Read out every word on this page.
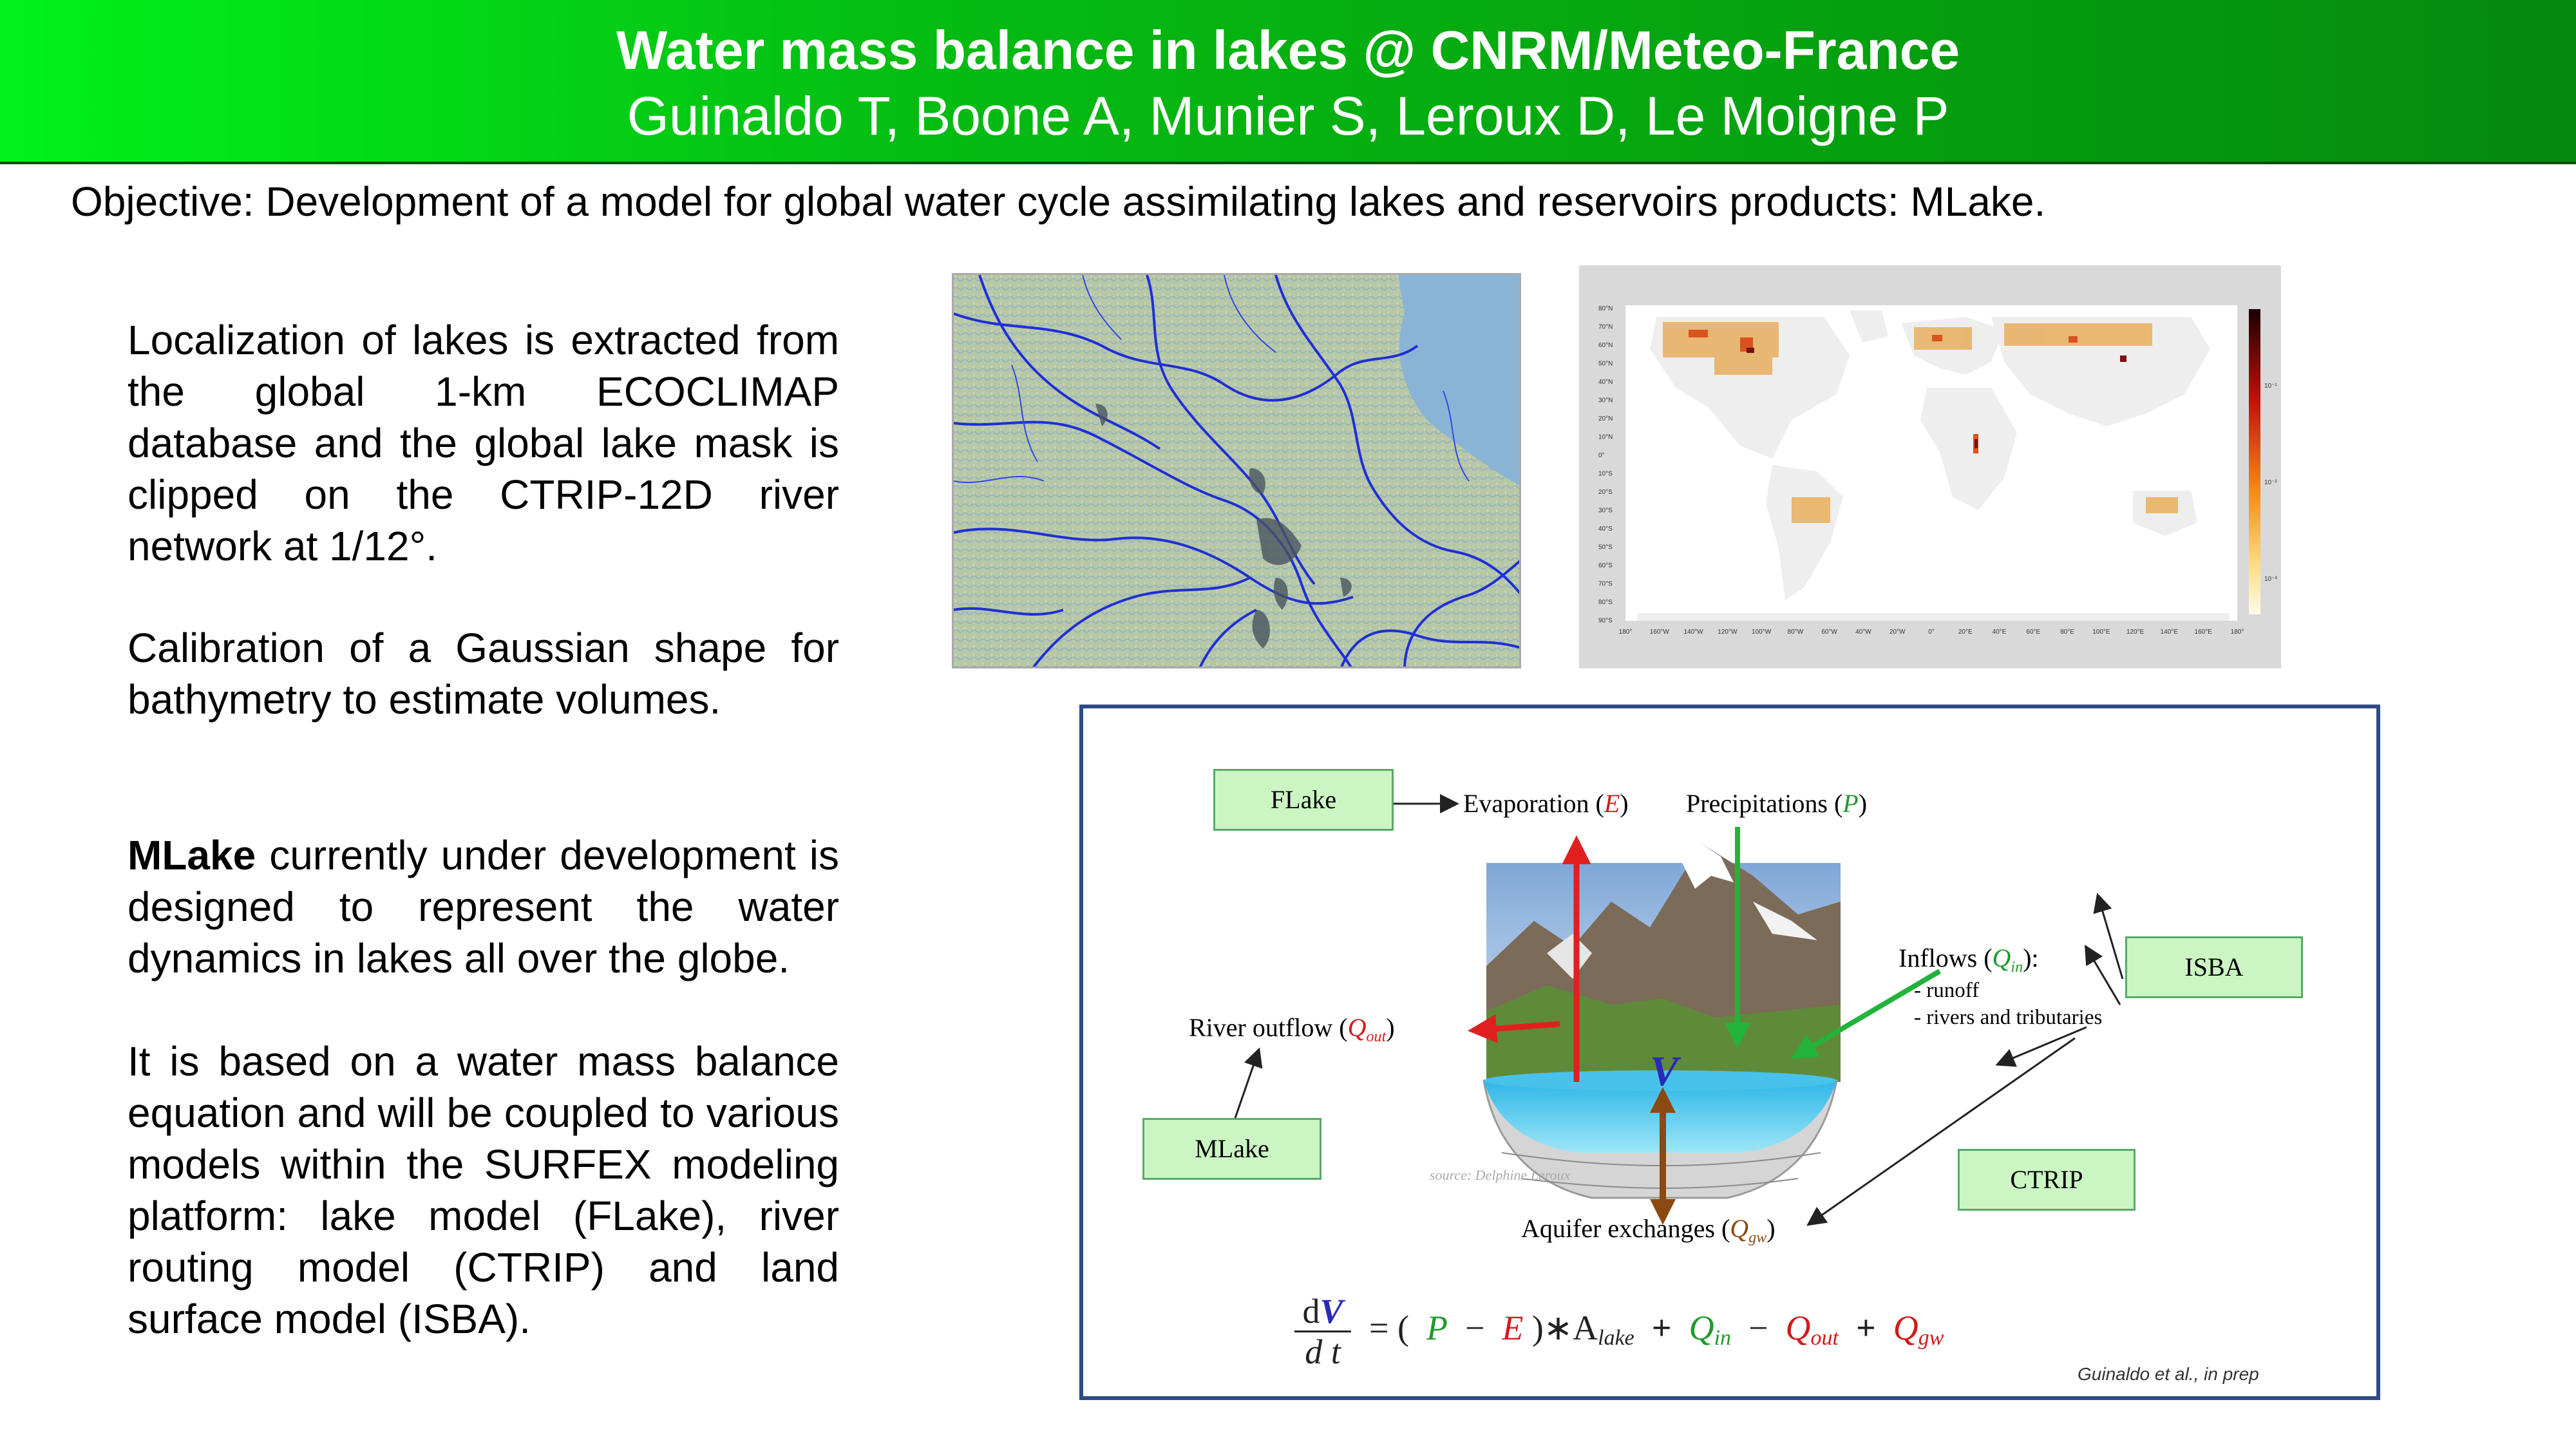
Water mass balance in lakes @ CNRM/Meteo-France
Guinaldo T, Boone A, Munier S, Leroux D, Le Moigne P
Objective: Development of a model for global water cycle assimilating lakes and reservoirs products: MLake.

Localization of lakes is extracted from the global 1-km ECOCLIMAP database and the global lake mask is clipped on the CTRIP-12D river network at 1/12°.

Calibration of a Gaussian shape for bathymetry to estimate volumes.

MLake currently under development is designed to represent the water dynamics in lakes all over the globe.

It is based on a water mass balance equation and will be coupled to various models within the SURFEX modeling platform: lake model (FLake), river routing model (CTRIP) and land surface model (ISBA).

80°N
70°N
60°N
50°N
40°N
30°N
20°N
10°N
0°
10°S
20°S
30°S
40°S
50°S
60°S
70°S
80°S
90°S
180°	160°W 140°W 120°W 100°W	80°W	60°W	40°W	20°W	0°	20°E	40°E	60°E	80°E	100°E	120°E	140°E	160°E	180°
10⁻¹
10⁻²
10⁻³
FLake
ISBA
MLake
CTRIP
Evaporation (E) Precipitations (P)
Inflows $(Q_{in})$:
- runoff
- rivers and tributaries
River outflow $(Q_{out})$
Aquifer exchanges $(Q_{gw})$
V
source: Delphine Leroux
dV
d t
= ( P − E )$∗A_{lake} + Q_{in} - Q_{out} + Q_{gw}$
Guinaldo et al., in prep
